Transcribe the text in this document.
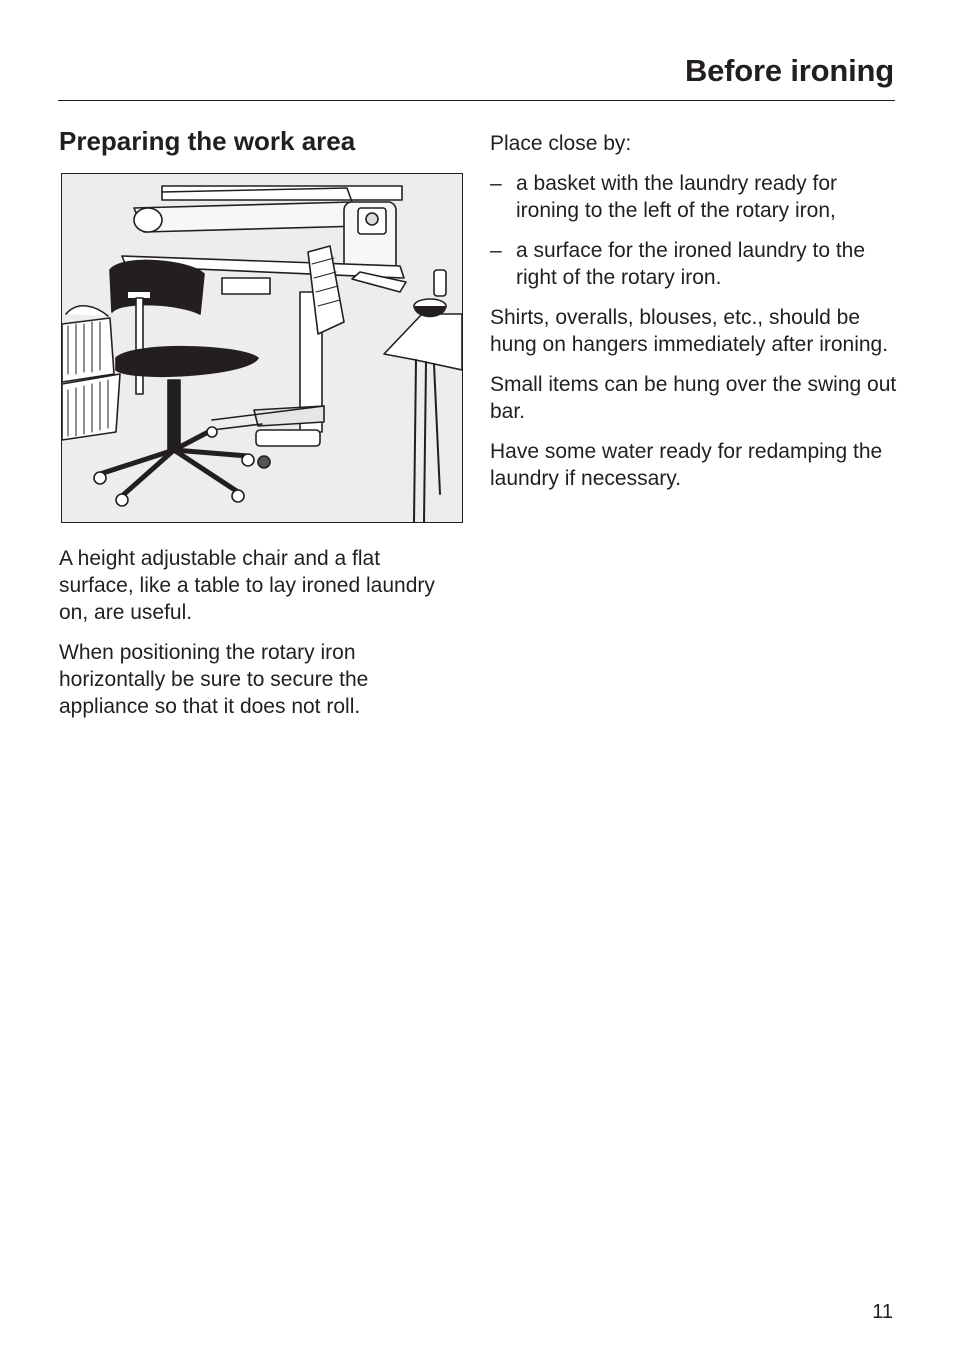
Before ironing
Preparing the work area

A height adjustable chair and a flat surface, like a table to lay ironed laundry on, are useful.

When positioning the rotary iron horizontally be sure to secure the appliance so that it does not roll.

Place close by:

– a basket with the laundry ready for ironing to the left of the rotary iron,
– a surface for the ironed laundry to the right of the rotary iron.

Shirts, overalls, blouses, etc., should be hung on hangers immediately after ironing.

Small items can be hung over the swing out bar.

Have some water ready for redamping the laundry if necessary.

11
